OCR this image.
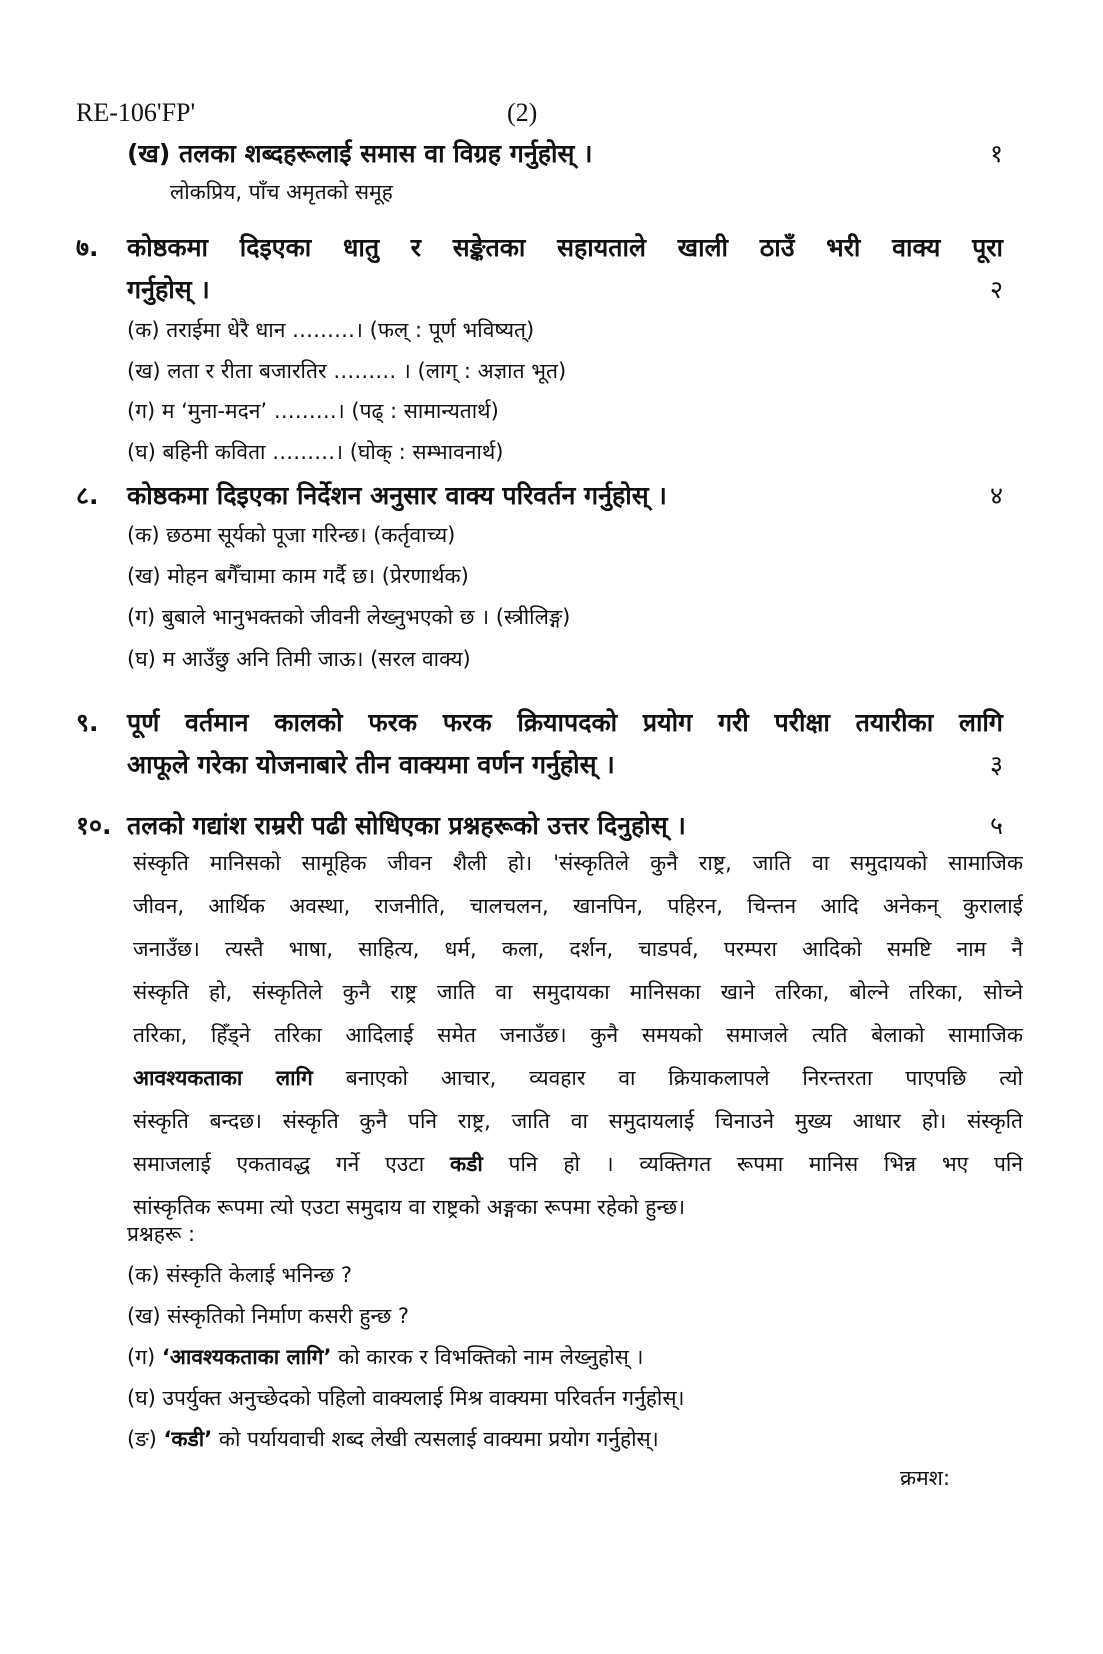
RE-106'FP'	(2)
(ख) तलका शब्दहरूलाई समास वा विग्रह गर्नुहोस् ।	१
लोकप्रिय, पाँच अमृतको समूह
७. कोष्ठकमा दिइएका धातु र सङ्केतका सहायताले खाली ठाउँ भरी वाक्य पूरा
गर्नुहोस् ।	२
(क) तराईमा धेरै धान ………। (फल् : पूर्ण भविष्यत्)
(ख) लता र रीता बजारतिर ……… । (लाग् : अज्ञात भूत)
(ग) म ‘मुना-मदन’ ………। (पढ् : सामान्यतार्थ)
(घ) बहिनी कविता ………। (घोक् : सम्भावनार्थ)
८. कोष्ठकमा दिइएका निर्देशन अनुसार वाक्य परिवर्तन गर्नुहोस् ।	४
(क) छठमा सूर्यको पूजा गरिन्छ। (कर्तृवाच्य)
(ख) मोहन बगैँचामा काम गर्दै छ। (प्रेरणार्थक)
(ग) बुबाले भानुभक्तको जीवनी लेख्नुभएको छ । (स्त्रीलिङ्ग)
(घ) म आउँछु अनि तिमी जाऊ। (सरल वाक्य)
९. पूर्ण वर्तमान कालको फरक फरक क्रियापदको प्रयोग गरी परीक्षा तयारीका लागि
आफूले गरेका योजनाबारे तीन वाक्यमा वर्णन गर्नुहोस् ।	३
१०. तलको गद्यांश राम्ररी पढी सोधिएका प्रश्नहरूको उत्तर दिनुहोस् ।	५

संस्कृति मानिसको सामूहिक जीवन शैली हो। 'संस्कृतिले कुनै राष्ट्र, जाति वा समुदायको सामाजिक

जीवन, आर्थिक अवस्था, राजनीति, चालचलन, खानपिन, पहिरन, चिन्तन आदि अनेकन् कुरालाई

जनाउँछ। त्यस्तै भाषा, साहित्य, धर्म, कला, दर्शन, चाडपर्व, परम्परा आदिको समष्टि नाम नै

संस्कृति हो, संस्कृतिले कुनै राष्ट्र जाति वा समुदायका मानिसका खाने तरिका, बोल्ने तरिका, सोच्ने

तरिका, हिँड्ने तरिका आदिलाई समेत जनाउँछ। कुनै समयको समाजले त्यति बेलाको सामाजिक

आवश्यकताका लागि बनाएको आचार, व्यवहार वा क्रियाकलापले निरन्तरता पाएपछि त्यो

संस्कृति बन्दछ। संस्कृति कुनै पनि राष्ट्र, जाति वा समुदायलाई चिनाउने मुख्य आधार हो। संस्कृति

समाजलाई एकतावद्ध गर्ने एउटा कडी पनि हो । व्यक्तिगत रूपमा मानिस भिन्न भए पनि

सांस्कृतिक रूपमा त्यो एउटा समुदाय वा राष्ट्रको अङ्गका रूपमा रहेको हुन्छ।

प्रश्नहरू :
(क) संस्कृति केलाई भनिन्छ ?
(ख) संस्कृतिको निर्माण कसरी हुन्छ ?
(ग) ‘आवश्यकताका लागि’ को कारक र विभक्तिको नाम लेख्नुहोस् ।
(घ) उपर्युक्त अनुच्छेदको पहिलो वाक्यलाई मिश्र वाक्यमा परिवर्तन गर्नुहोस्।
(ङ) ‘कडी’ को पर्यायवाची शब्द लेखी त्यसलाई वाक्यमा प्रयोग गर्नुहोस्।
क्रमश:
